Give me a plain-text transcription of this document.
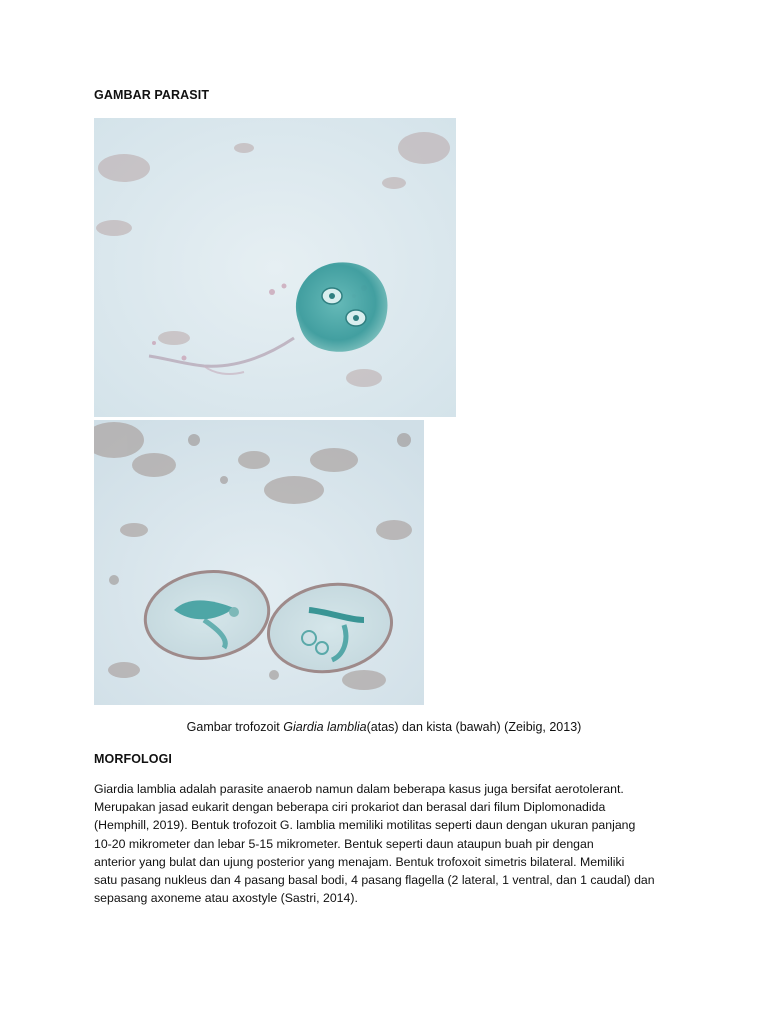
GAMBAR PARASIT
Gambar trofozoit Giardia lamblia(atas) dan kista (bawah) (Zeibig, 2013)
MORFOLOGI
Giardia lamblia adalah parasite anaerob namun dalam beberapa kasus juga bersifat aerotolerant.
Merupakan jasad eukarit dengan beberapa ciri prokariot dan berasal dari filum Diplomonadida
(Hemphill, 2019). Bentuk trofozoit G. lamblia memiliki motilitas seperti daun dengan ukuran panjang
10-20 mikrometer dan lebar 5-15 mikrometer. Bentuk seperti daun ataupun buah pir dengan
anterior yang bulat dan ujung posterior yang menajam. Bentuk trofoxoit simetris bilateral. Memiliki
satu pasang nukleus dan 4 pasang basal bodi, 4 pasang flagella (2 lateral, 1 ventral, dan 1 caudal) dan
sepasang axoneme atau axostyle (Sastri, 2014).
